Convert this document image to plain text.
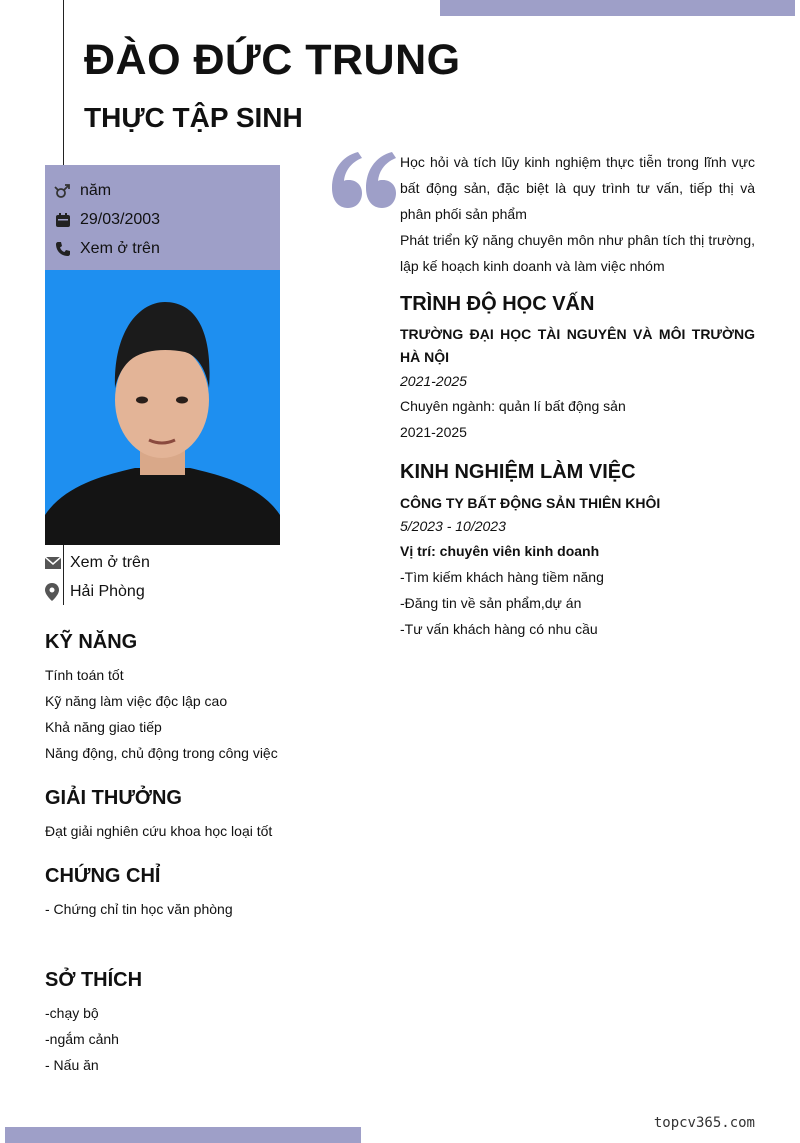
ĐÀO ĐỨC TRUNG
THỰC TẬP SINH
năm
29/03/2003
Xem ở trên
Xem ở trên
Hải Phòng
KỸ NĂNG
Tính toán tốt
Kỹ năng làm việc độc lập cao
Khả năng giao tiếp
Năng động, chủ động trong công việc
GIẢI THƯỞNG
Đạt giải nghiên cứu khoa học loại tốt
CHỨNG CHỈ
- Chứng chỉ tin học văn phòng
SỞ THÍCH
-chạy bộ
-ngắm cảnh
- Nấu ăn

Học hỏi và tích lũy kinh nghiệm thực tiễn trong lĩnh vực bất động sản, đặc biệt là quy trình tư vấn, tiếp thị và phân phối sản phẩm

Phát triển kỹ năng chuyên môn như phân tích thị trường, lập kế hoạch kinh doanh và làm việc nhóm

TRÌNH ĐỘ HỌC VẤN
TRƯỜNG ĐẠI HỌC TÀI NGUYÊN VÀ MÔI TRƯỜNG HÀ NỘI
2021-2025
Chuyên ngành: quản lí bất động sản
2021-2025
KINH NGHIỆM LÀM VIỆC
CÔNG TY BẤT ĐỘNG SẢN THIÊN KHÔI
5/2023 - 10/2023
Vị trí: chuyên viên kinh doanh
-Tìm kiếm khách hàng tiềm năng
-Đăng tin về sản phẩm,dự án
-Tư vấn khách hàng có nhu cầu
topcv365.com
